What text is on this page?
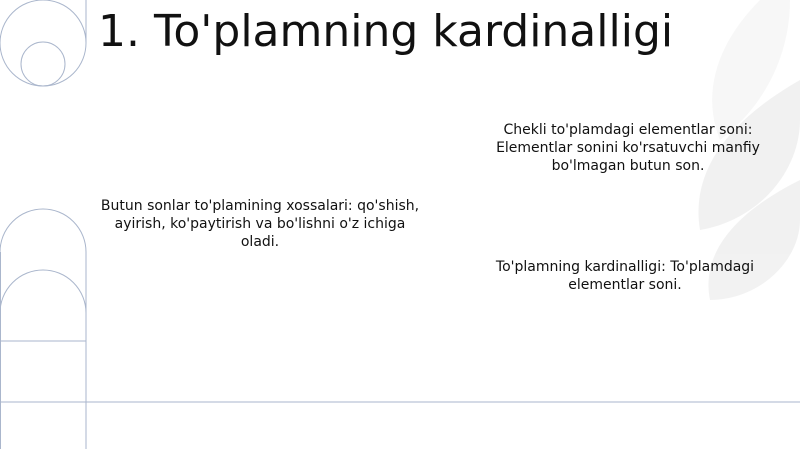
1. To'plamning kardinalligi
Chekli to'plamdagi elementlar soni: Elementlar sonini ko'rsatuvchi manfiy bo'lmagan butun son.
Butun sonlar to'plamining xossalari: qo'shish, ayirish, ko'paytirish va bo'lishni o'z ichiga oladi.
To'plamning kardinalligi: To'plamdagi elementlar soni.
